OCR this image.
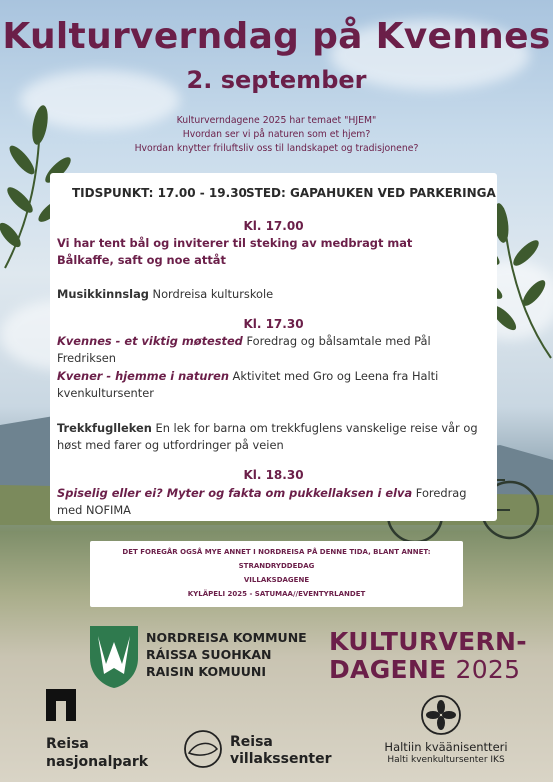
Kulturverndag på Kvennes
2. september
Kulturverndagene 2025 har temaet "HJEM"
Hvordan ser vi på naturen som et hjem?
Hvordan knytter friluftsliv oss til landskapet og tradisjonene?
TIDSPUNKT: 17.00 - 19.30 STED: GAPAHUKEN VED PARKERINGA
Kl. 17.00
Vi har tent bål og inviterer til steking av medbragt mat
Bålkaffe, saft og noe attåt
Musikkinnslag Nordreisa kulturskole
Kl. 17.30
Kvennes - et viktig møtested Foredrag og bålsamtale med Pål Fredriksen
Kvener - hjemme i naturen Aktivitet med Gro og Leena fra Halti kvenkultursenter
Trekkfuglleken En lek for barna om trekkfuglens vanskelige reise vår og høst med farer og utfordringer på veien
Kl. 18.30
Spiselig eller ei? Myter og fakta om pukkellaksen i elva Foredrag med NOFIMA
DET FOREGÅR OGSÅ MYE ANNET I NORDREISA PÅ DENNE TIDA, BLANT ANNET:
STRANDRYDDEDAG
VILLAKSDAGENE
KYLÄPELI 2025 - SATUMAA//EVENTYRLANDET
NORDREISA KOMMUNE
RÁISSA SUOHKAN
RAISIN KOMUUNI
KULTURVERN-
DAGENE 2025
Reisa
nasjonalpark
Reisa
villakssenter
Haltiin kväänisentteri
Halti kvenkultursenter IKS
